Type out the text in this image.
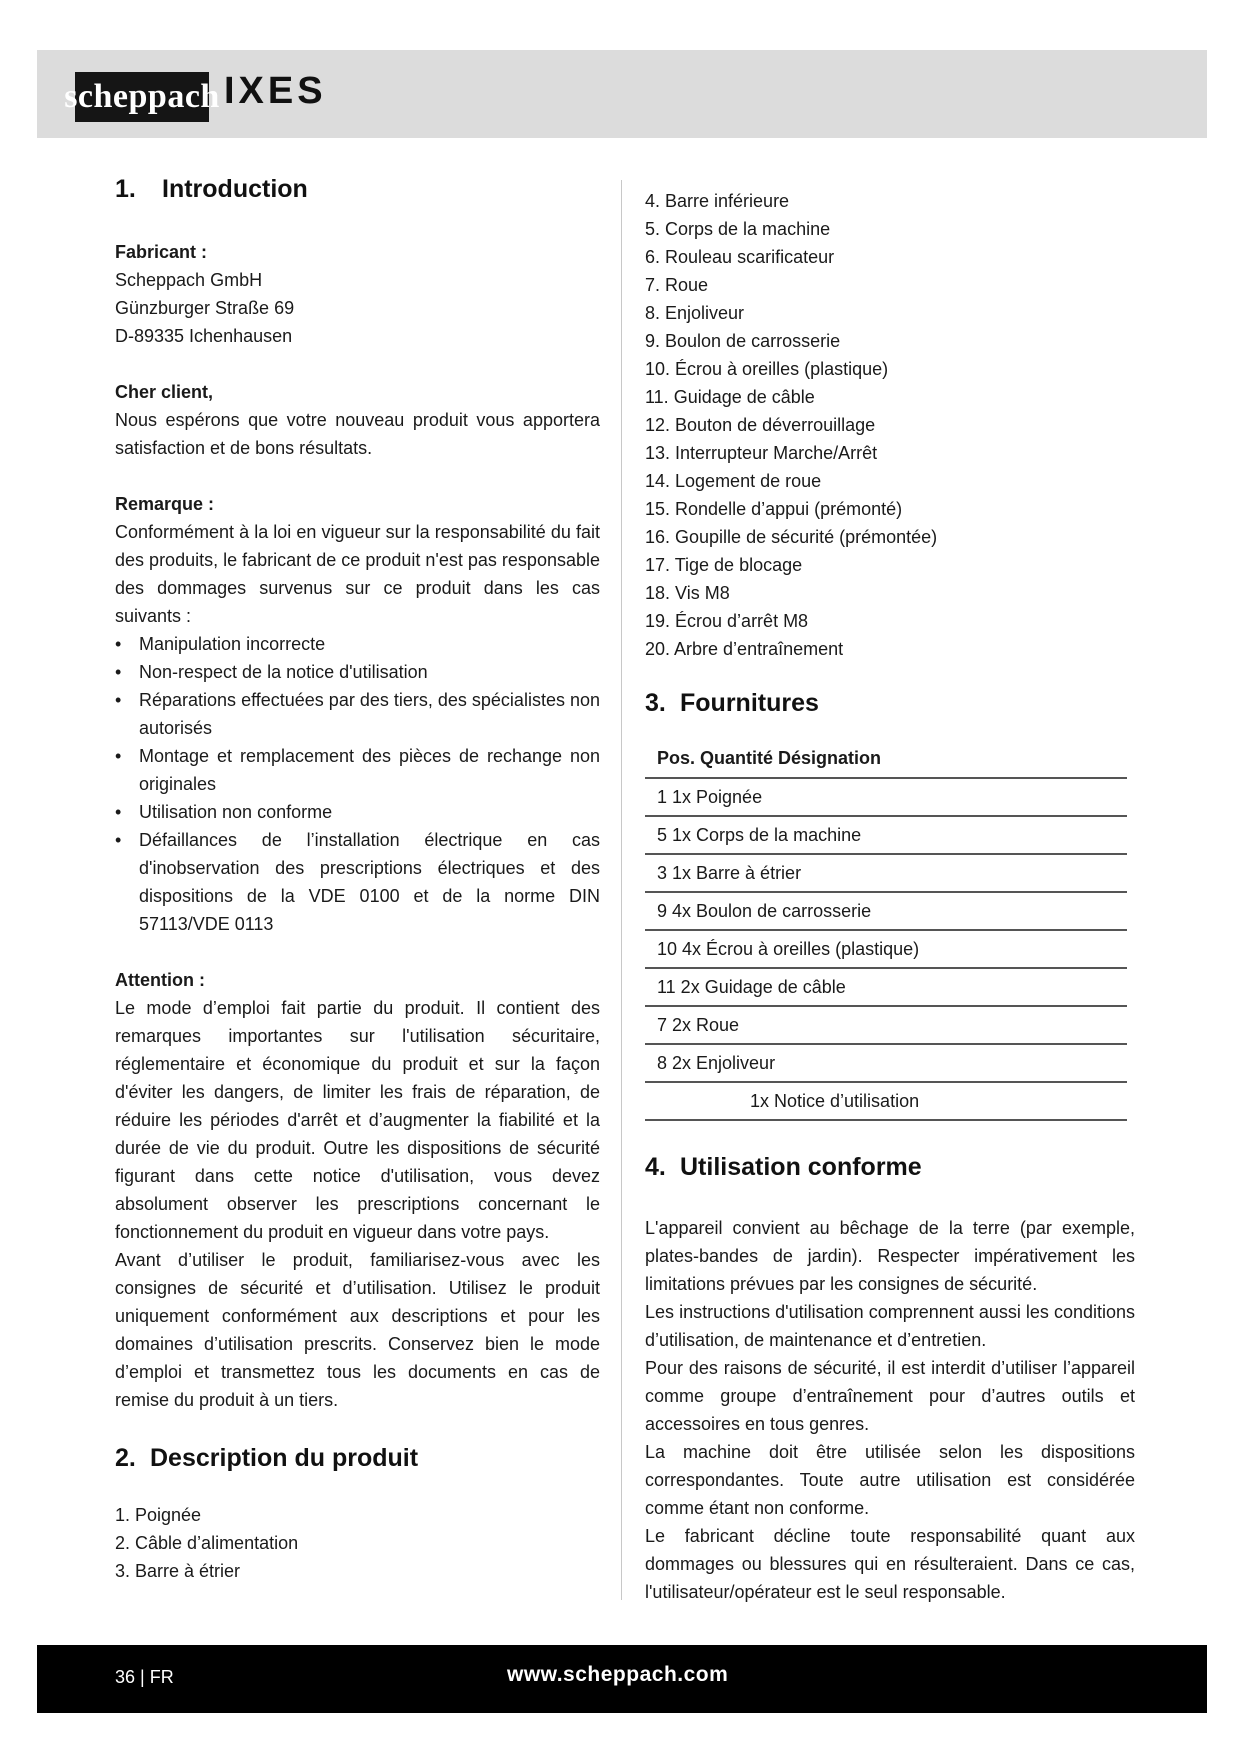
scheppach IXES
1. Introduction

Fabricant :

Scheppach GmbH

Günzburger Straße 69

D-89335 Ichenhausen

Cher client,

Nous espérons que votre nouveau produit vous apportera satisfaction et de bons résultats.

Remarque :

Conformément à la loi en vigueur sur la responsabilité du fait des produits, le fabricant de ce produit n'est pas responsable des dommages survenus sur ce produit dans les cas suivants :

• Manipulation incorrecte
• Non-respect de la notice d'utilisation
• Réparations effectuées par des tiers, des spécialistes non autorisés
• Montage et remplacement des pièces de rechange non originales
• Utilisation non conforme
• Défaillances de l’installation électrique en cas d'inobservation des prescriptions électriques et des dispositions de la VDE 0100 et de la norme DIN 57113/VDE 0113

Attention :

Le mode d’emploi fait partie du produit. Il contient des remarques importantes sur l'utilisation sécuritaire, réglementaire et économique du produit et sur la façon d'éviter les dangers, de limiter les frais de réparation, de réduire les périodes d'arrêt et d’augmenter la fiabilité et la durée de vie du produit. Outre les dispositions de sécurité figurant dans cette notice d'utilisation, vous devez absolument observer les prescriptions concernant le fonctionnement du produit en vigueur dans votre pays.

Avant d’utiliser le produit, familiarisez-vous avec les consignes de sécurité et d’utilisation. Utilisez le produit uniquement conformément aux descriptions et pour les domaines d’utilisation prescrits. Conservez bien le mode d’emploi et transmettez tous les documents en cas de remise du produit à un tiers.

2. Description du produit
1. Poignée
2. Câble d’alimentation
3. Barre à étrier
4. Barre inférieure
5. Corps de la machine
6. Rouleau scarificateur
7. Roue
8. Enjoliveur
9. Boulon de carrosserie
10. Écrou à oreilles (plastique)
11. Guidage de câble
12. Bouton de déverrouillage
13. Interrupteur Marche/Arrêt
14. Logement de roue
15. Rondelle d’appui (prémonté)
16. Goupille de sécurité (prémontée)
17. Tige de blocage
18. Vis M8
19. Écrou d’arrêt M8
20. Arbre d’entraînement
3. Fournitures
Pos. Quantité Désignation
1 1x Poignée
5 1x Corps de la machine
3 1x Barre à étrier
9 4x Boulon de carrosserie
10 4x Écrou à oreilles (plastique)
11 2x Guidage de câble
7 2x Roue
8 2x Enjoliveur
1x Notice d’utilisation
4. Utilisation conforme

L'appareil convient au bêchage de la terre (par exemple, plates-bandes de jardin). Respecter impérativement les limitations prévues par les consignes de sécurité.

Les instructions d'utilisation comprennent aussi les conditions d’utilisation, de maintenance et d’entretien.

Pour des raisons de sécurité, il est interdit d’utiliser l’appareil comme groupe d’entraînement pour d’autres outils et accessoires en tous genres.

La machine doit être utilisée selon les dispositions correspondantes. Toute autre utilisation est considérée comme étant non conforme.

Le fabricant décline toute responsabilité quant aux dommages ou blessures qui en résulteraient. Dans ce cas, l'utilisateur/opérateur est le seul responsable.

36 | FR	www.scheppach.com
